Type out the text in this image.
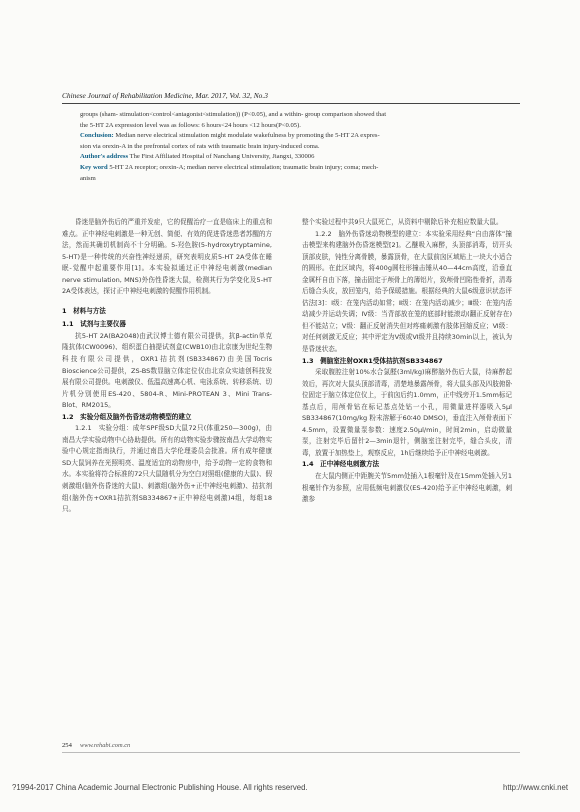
Chinese Journal of Rehabilitation Medicine, Mar. 2017, Vol. 32, No.3

groups (sham- stimulation<control<antagonist<stimulation)) (P<0.05), and a within- group comparison showed that

the 5-HT 2A expression level was as follows: 6 hours<24 hours <12 hours(P<0.05).

Conclusion: Median nerve electrical stimulation might modulate wakefulness by promoting the 5-HT 2A expres-

sion via orexin-A in the prefrontal cortex of rats with traumatic brain injury-induced coma.

Author's address The First Affiliated Hospital of Nanchang University, Jiangxi, 330006

Key word 5-HT 2A receptor; orexin-A; median nerve electrical stimulation; traumatic brain injury; coma; mech-

anism

昏迷是脑外伤后的严重并发症，它的促醒治疗一直是临床上的重点和难点。正中神经电刺激是一种无创、简便、有效的促进昏迷患者苏醒的方法，然而其确切机制尚不十分明确。5-羟色胺(5-hydroxytryptamine, 5-HT)是一种传统的兴奋性神经递质，研究表明皮质5-HT 2A受体在睡眠-觉醒中起重要作用[1]。本实验拟通过正中神经电刺激(median nerve stimulation, MNS)外伤性昏迷大鼠，检测其行为学变化及5-HT 2A受体表达，探讨正中神经电刺激的促醒作用机制。

1　材料与方法

1.1　试剂与主要仪器

抗5-HT 2A(BA2048)由武汉博士德有限公司提供，抗β-actin单克隆抗体(CW0096)、组织蛋白抽提试剂盒(CWB10)由北京康为世纪生物科技有限公司提供，OXR1拮抗剂(SB334867)由美国Tocris Bioscience公司提供，ZS-BS数显脑立体定位仪由北京众实迪创科技发展有限公司提供。电刺激仪、低温高速离心机、电泳系统、转移系统、切片机分别使用ES-420、5804-R、Mini-PROTEAN 3、Mini Trans-Blot、RM2015。

1.2　实验分组及脑外伤昏迷动物模型的建立

1.2.1　实验分组：成年SPF级SD大鼠72只(体重250—300g)，由南昌大学实验动物中心协助提供。所有的动物实验步骤按南昌大学动物实验中心规定指南执行，并通过南昌大学伦理委员会批准。所有成年健康SD大鼠饲养在光照明亮、温度适宜的动物房中，给予动物一定的食物和水。本实验将符合标准的72只大鼠随机分为空白对照组(健康的大鼠)、假刺激组(脑外伤昏迷的大鼠)、刺激组(脑外伤+正中神经电刺激)、拮抗剂组(脑外伤+OXR1拮抗剂SB334867+正中神经电刺激)4组，每组18只。

整个实验过程中共9只大鼠死亡，从资料中剔除后补充相应数量大鼠。

1.2.2　脑外伤昏迷动物模型的建立：本实验采用经典“自由落体”撞击模型来构建脑外伤昏迷模型[2]。乙醚吸入麻醉，头顶部消毒，切开头顶部皮肤，钝性分离骨膜，暴露顶骨，在大鼠前囟区域贴上一块大小适合的圆形。在此区域内，将400g圆柱形撞击锤从40—44cm高度，沿垂直金属杆自由下落，撞击固定于颅骨上的薄铝片，致颅骨凹陷性骨折，清毒后缝合头皮，放回笼内，给予保暖措施。根据经典的大鼠6级意识状态评估法[3]：Ⅰ级：在笼内活动如常；Ⅱ级：在笼内活动减少；Ⅲ级：在笼内活动减少并运动失调；Ⅳ级：当背部放在笼的底部时能滚动(翻正反射存在)但不能站立；Ⅴ级：翻正反射消失但对疼痛刺激有肢体回缩反应；Ⅵ级：对任何刺激无反应；其中评定为Ⅴ级或Ⅵ级并且持续30min以上，被认为是昏迷状态。

1.3　侧脑室注射OXR1受体拮抗剂SB334867

采取腹腔注射10%水合氯醛(3ml/kg)麻醉脑外伤后大鼠，待麻醉起效后，再次对大鼠头顶部清毒，清楚地暴露颅骨，将大鼠头部及四肢俯卧位固定于脑立体定位仪上，于前囟后约1.0mm，正中线旁开1.5mm标记基点后，用颅骨钻在标记基点处钻一小孔，用微量进样器吸入5μl SB334867(10mg/kg 粉末溶解于60∶40 DMSO)，垂直注入颅骨表面下4.5mm，设置微量泵参数：速度2.50μl/min，时间2min，启动微量泵，注射完毕后留针2—3min退针，侧脑室注射完毕，缝合头皮，清毒，放置于加热垫上，观察反应，1h后继续给予正中神经电刺激。

1.4　正中神经电刺激方法

在大鼠内侧正中距腕关节5mm处插入1根毫针及在15mm处插入另1根毫针作为参照，应用低频电刺激仪(ES-420)给予正中神经电刺激，刺激参

254 www.rehabi.com.cn
?1994-2017 China Academic Journal Electronic Publishing House. All rights reserved.	http://www.cnki.net
